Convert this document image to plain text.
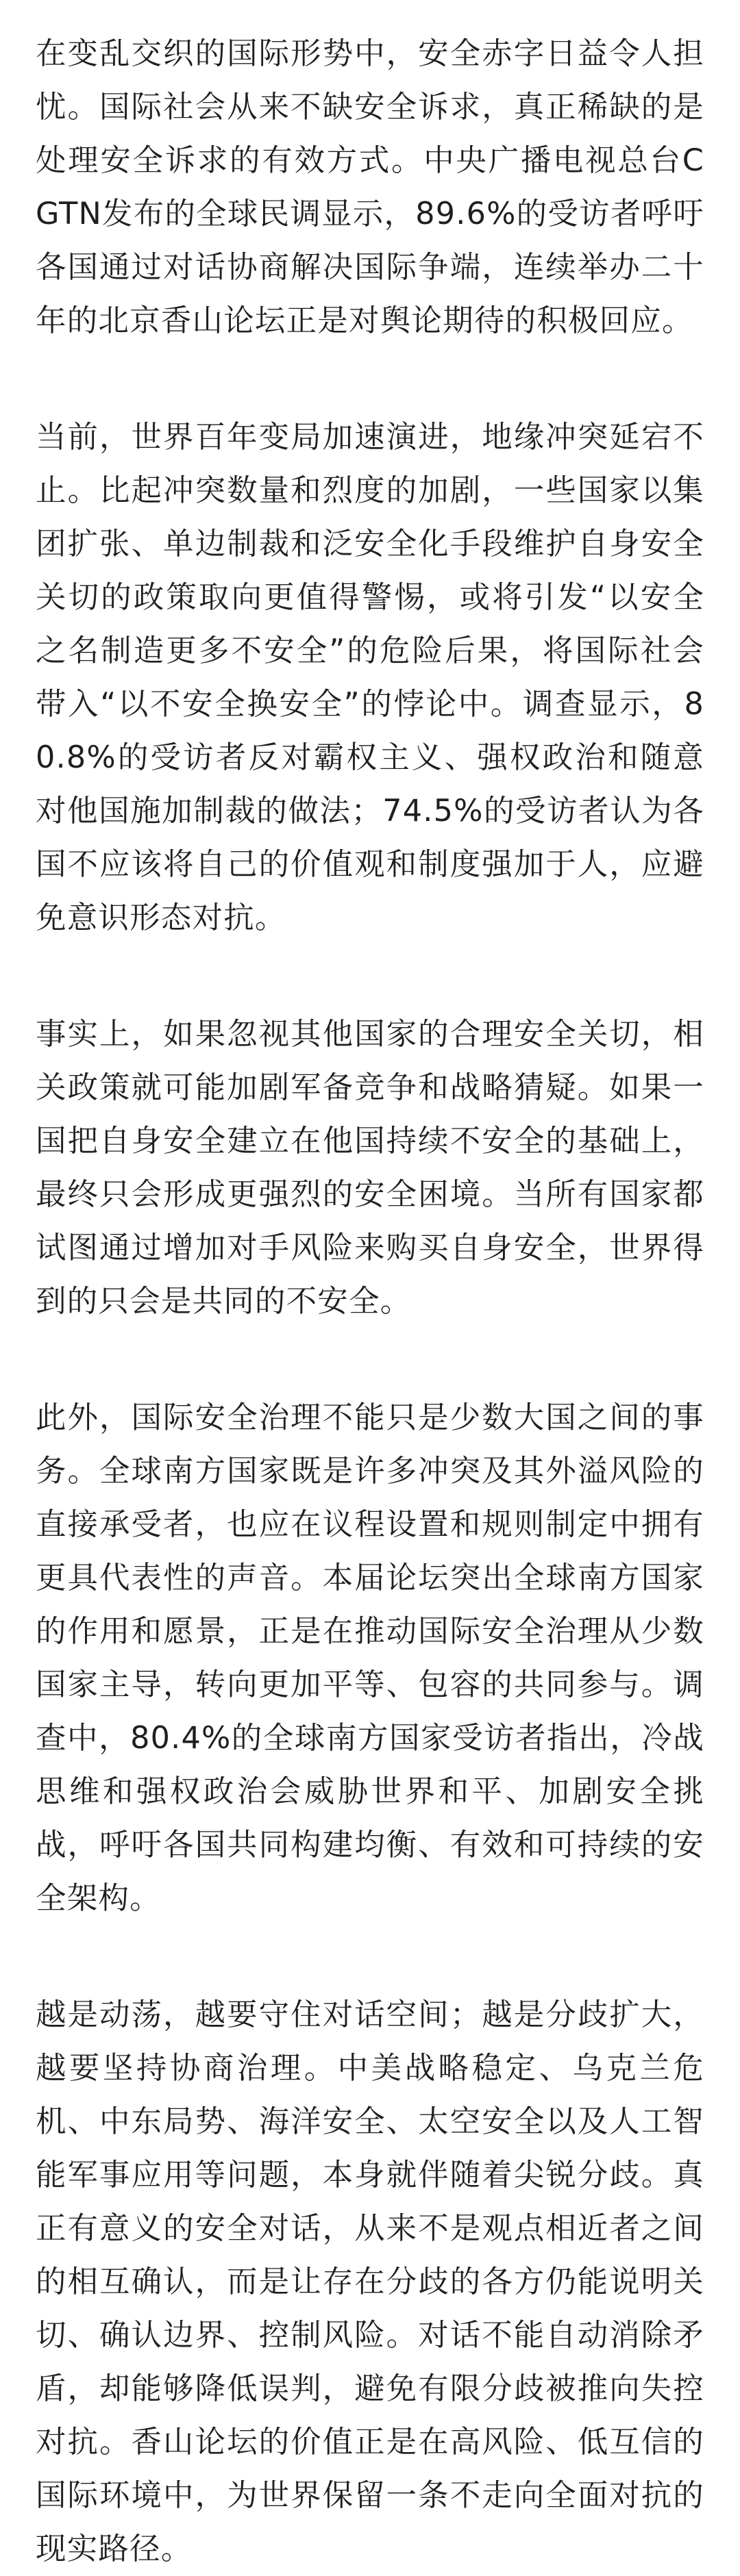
在变乱交织的国际形势中，安全赤字日益令人担忧。国际社会从来不缺安全诉求，真正稀缺的是处理安全诉求的有效方式。中央广播电视总台CGTN发布的全球民调显示，89.6%的受访者呼吁各国通过对话协商解决国际争端，连续举办二十年的北京香山论坛正是对舆论期待的积极回应。

当前，世界百年变局加速演进，地缘冲突延宕不止。比起冲突数量和烈度的加剧，一些国家以集团扩张、单边制裁和泛安全化手段维护自身安全关切的政策取向更值得警惕，或将引发“以安全之名制造更多不安全”的危险后果，将国际社会带入“以不安全换安全”的悖论中。调查显示，80.8%的受访者反对霸权主义、强权政治和随意对他国施加制裁的做法；74.5%的受访者认为各国不应该将自己的价值观和制度强加于人，应避免意识形态对抗。

事实上，如果忽视其他国家的合理安全关切，相关政策就可能加剧军备竞争和战略猜疑。如果一国把自身安全建立在他国持续不安全的基础上，最终只会形成更强烈的安全困境。当所有国家都试图通过增加对手风险来购买自身安全，世界得到的只会是共同的不安全。

此外，国际安全治理不能只是少数大国之间的事务。全球南方国家既是许多冲突及其外溢风险的直接承受者，也应在议程设置和规则制定中拥有更具代表性的声音。本届论坛突出全球南方国家的作用和愿景，正是在推动国际安全治理从少数国家主导，转向更加平等、包容的共同参与。调查中，80.4%的全球南方国家受访者指出，冷战思维和强权政治会威胁世界和平、加剧安全挑战，呼吁各国共同构建均衡、有效和可持续的安全架构。

越是动荡，越要守住对话空间；越是分歧扩大，越要坚持协商治理。中美战略稳定、乌克兰危机、中东局势、海洋安全、太空安全以及人工智能军事应用等问题，本身就伴随着尖锐分歧。真正有意义的安全对话，从来不是观点相近者之间的相互确认，而是让存在分歧的各方仍能说明关切、确认边界、控制风险。对话不能自动消除矛盾，却能够降低误判，避免有限分歧被推向失控对抗。香山论坛的价值正是在高风险、低互信的国际环境中，为世界保留一条不走向全面对抗的现实路径。
